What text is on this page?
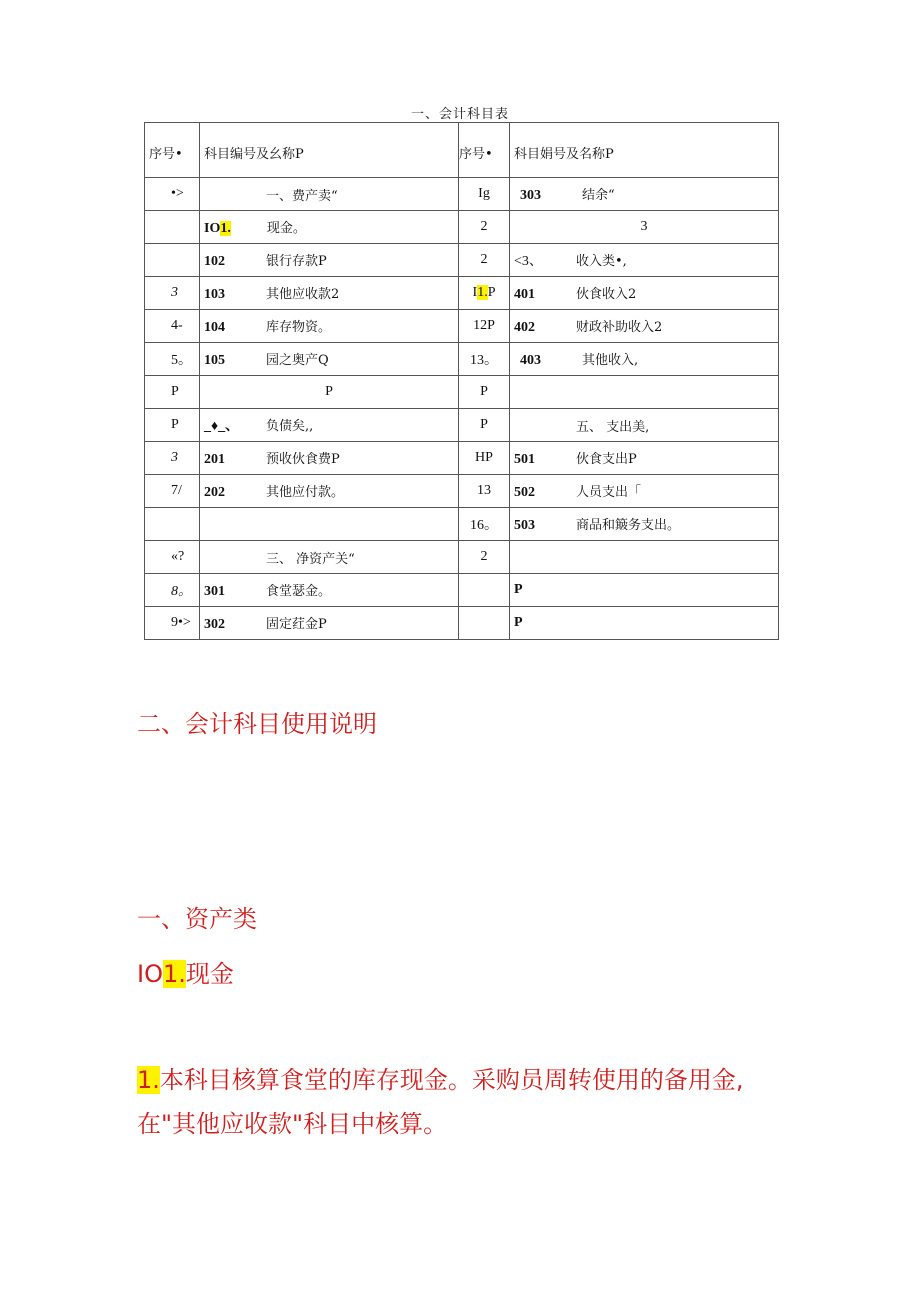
一、会计科目表
序号•	科目编号及幺称P	序号•	科目娟号及名称P
•>	一、费产卖“	Ig	303 结余“
	IO1. 现金。	2	3
	102 银行存款P	2	<3、 收入类•,
3	103 其他应收款2	I1.P	401 伙食收入2
4-	104 库存物资。	12P	402 财政补助收入2
5。	105 园之奥产Q	13。	403 其他收入,
P	P	P	
P	_♦_、 负债矣,,	P	五、 支出美,
3	201 预收伙食费P	HP	501 伙食支出P
7/	202 其他应付款。	13	502 人员支出「
		16。	503 商品和簸务支出。
«?	三、 净资产关“	2	
8。	301 食堂瑟金。		P
9•>	302 固定荭金P		P
二、会计科目使用说明
一、资产类
IO1.现金

1.本科目核算食堂的库存现金。采购员周转使用的备用金,在"其他应收款"科目中核算。
